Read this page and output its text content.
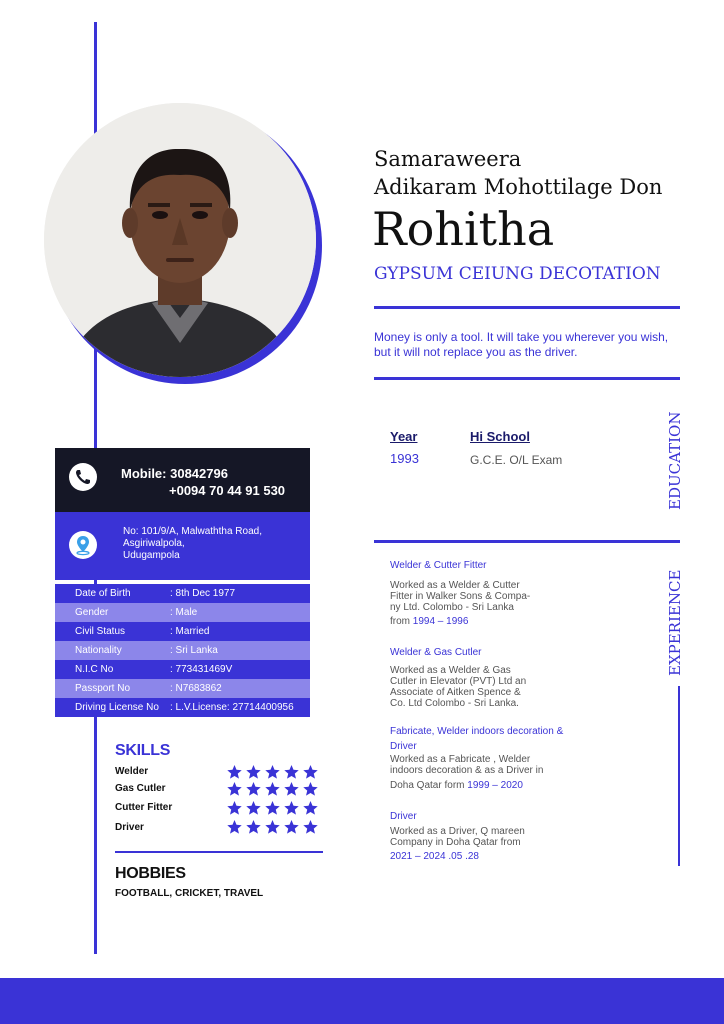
Samaraweera
Adikaram Mohottilage Don
Rohitha
GYPSUM CEIUNG DECOTATION
Money is only a tool. It will take you wherever you wish, but it will not replace you as the driver.
Mobile: 30842796
+0094 70 44 91 530
No: 101/9/A, Malwaththa Road,
Asgiriwalpola,
Udugampola
Date of Birth	: 8th Dec 1977
Gender	: Male
Civil Status	: Married
Nationality	: Sri Lanka
N.I.C No	: 773431469V
Passport No	: N7683862
Driving License No	: L.V.License: 27714400956
SKILLS
Welder
Gas Cutler
Cutter Fitter
Driver
HOBBIES
FOOTBALL, CRICKET, TRAVEL
Year	Hi School
1993	G.C.E. O/L Exam	EDUCATION
EXPERIENCE
Welder & Cutter Fitter
Worked as a Welder & Cutter
Fitter in Walker Sons & Compa-
ny Ltd. Colombo - Sri Lanka
from 1994 – 1996
Welder & Gas Cutler
Worked as a Welder & Gas
Cutler in Elevator (PVT) Ltd an
Associate of Aitken Spence &
Co. Ltd Colombo - Sri Lanka.
Fabricate, Welder indoors decoration &
Driver
Worked as a Fabricate , Welder
indoors decoration & as a Driver in
Doha Qatar form 1999 – 2020
Driver
Worked as a Driver, Q mareen
Company in Doha Qatar from
2021 – 2024 .05 .28
